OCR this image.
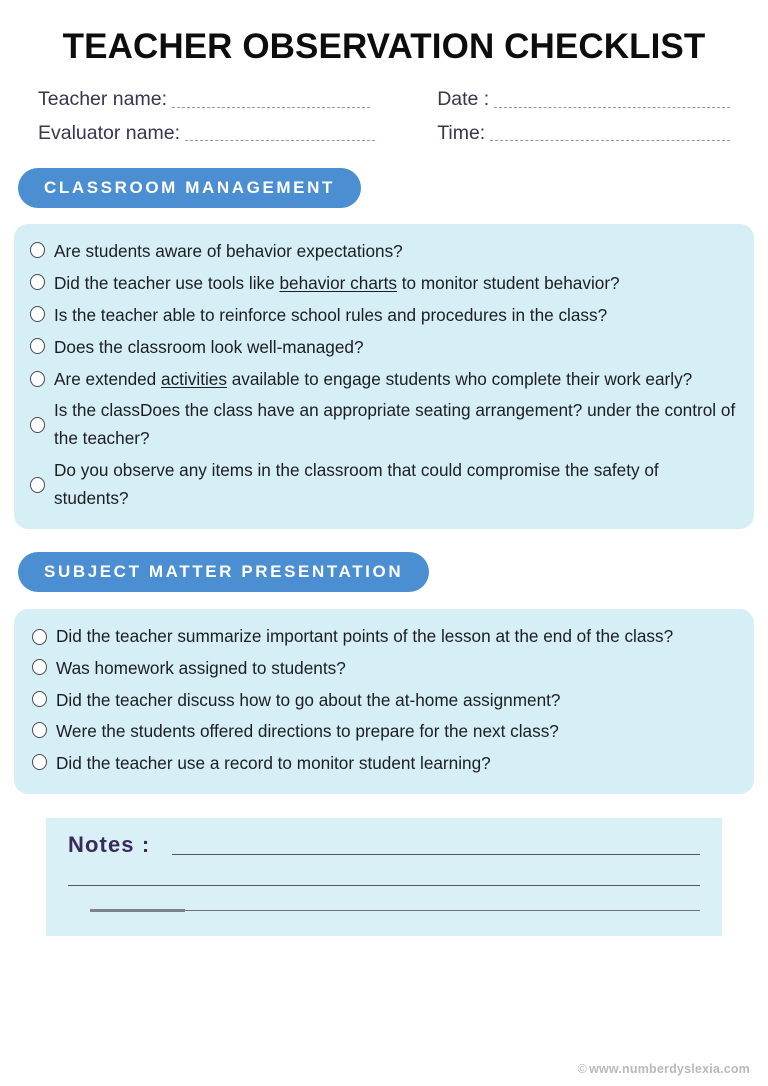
TEACHER OBSERVATION CHECKLIST
Teacher name:
Evaluator name:
Date :
Time:
CLASSROOM MANAGEMENT
Are students aware of behavior expectations?
Did the teacher use tools like behavior charts to monitor student behavior?
Is the teacher able to reinforce school rules and procedures in the class?
Does the classroom look well-managed?
Are extended activities available to engage students who complete their work early?
Is the classDoes the class have an appropriate seating arrangement? under the control of the teacher?
Do you observe any items in the classroom that could compromise the safety of students?
SUBJECT MATTER PRESENTATION
Did the teacher summarize important points of the lesson at the end of the class?
Was homework assigned to students?
Did the teacher discuss how to go about the at-home assignment?
Were the students offered directions to prepare for the next class?
Did the teacher use a record to monitor student learning?
Notes :
© www.numberdyslexia.com
